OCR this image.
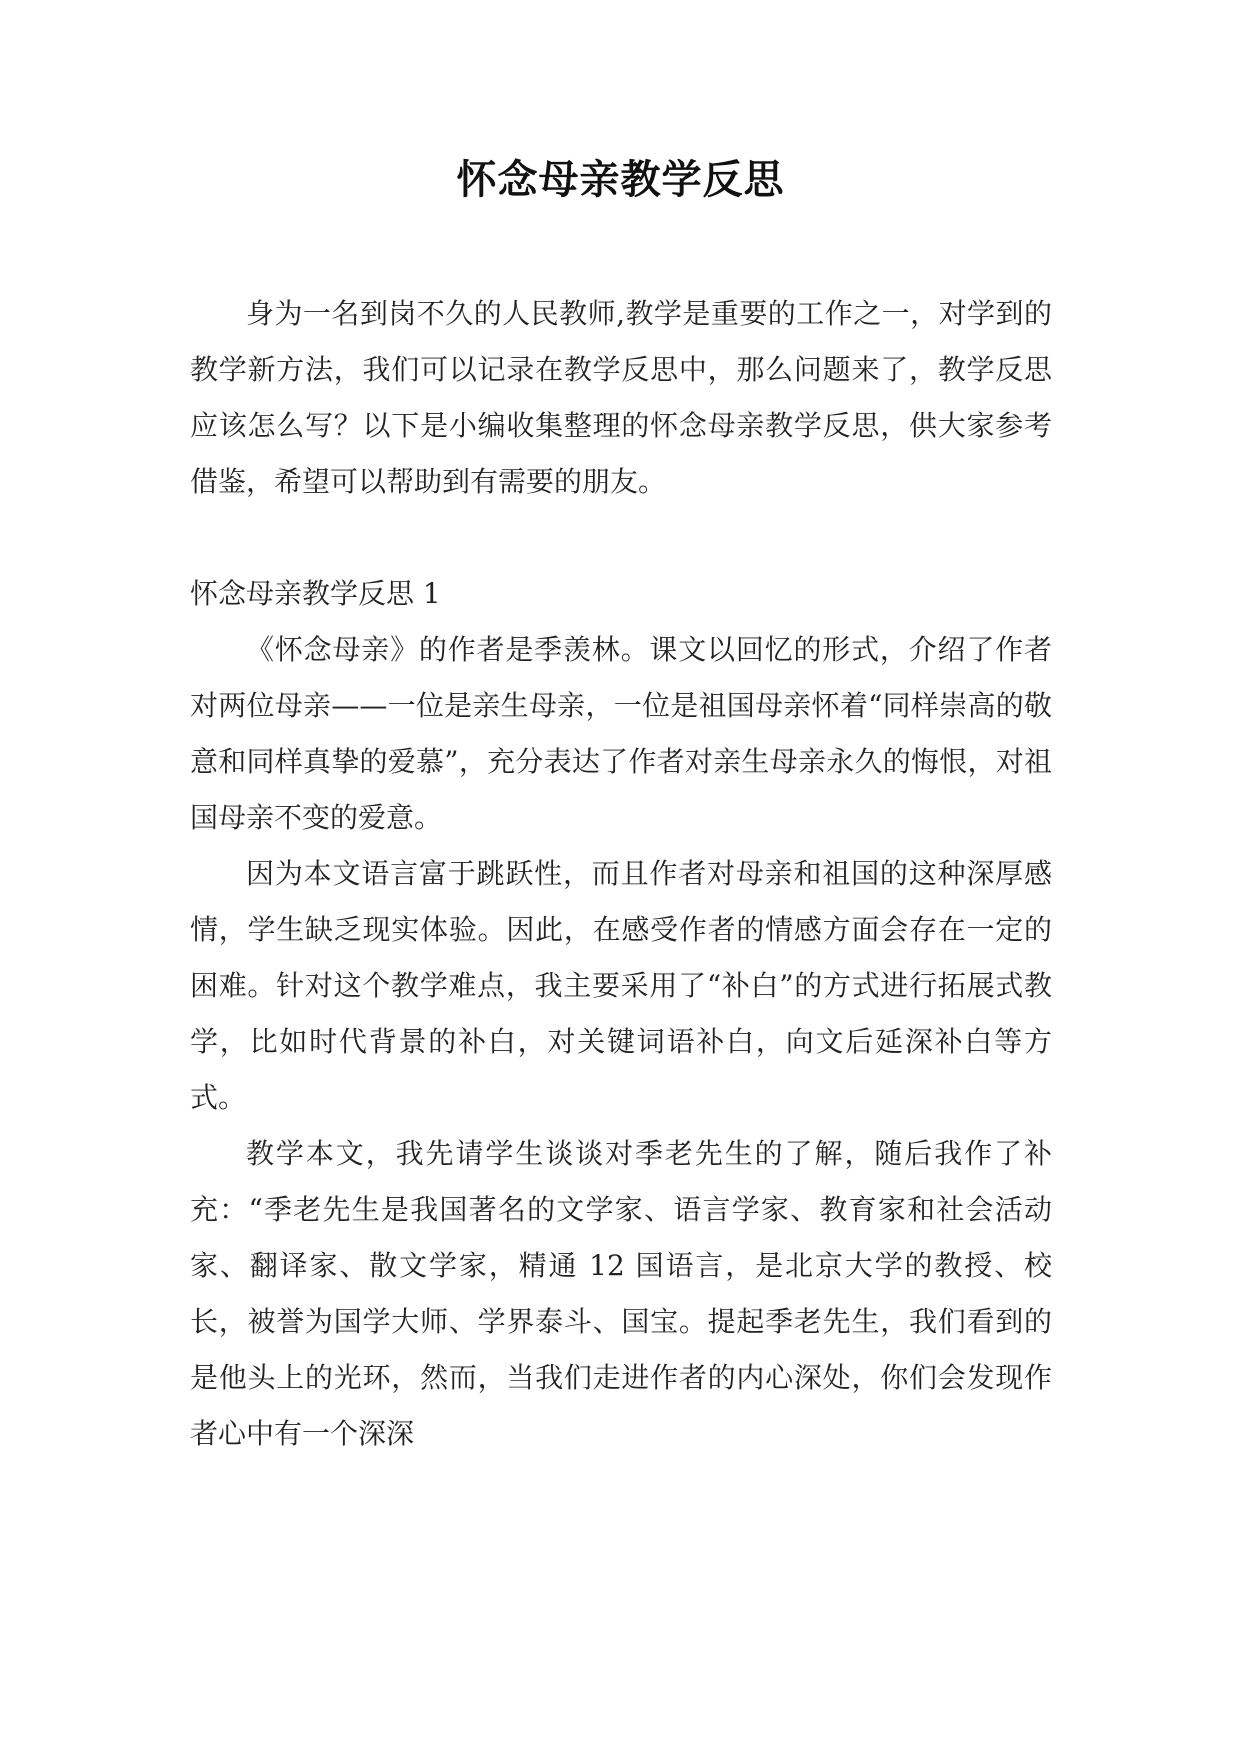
怀念母亲教学反思

身为一名到岗不久的人民教师,教学是重要的工作之一，对学到的教学新方法，我们可以记录在教学反思中，那么问题来了，教学反思应该怎么写？以下是小编收集整理的怀念母亲教学反思，供大家参考借鉴，希望可以帮助到有需要的朋友。

怀念母亲教学反思 1

《怀念母亲》的作者是季羡林。课文以回忆的形式，介绍了作者对两位母亲——一位是亲生母亲，一位是祖国母亲怀着“同样崇高的敬意和同样真挚的爱慕”，充分表达了作者对亲生母亲永久的悔恨，对祖国母亲不变的爱意。

因为本文语言富于跳跃性，而且作者对母亲和祖国的这种深厚感情，学生缺乏现实体验。因此，在感受作者的情感方面会存在一定的困难。针对这个教学难点，我主要采用了“补白”的方式进行拓展式教学，比如时代背景的补白，对关键词语补白，向文后延深补白等方式。

教学本文，我先请学生谈谈对季老先生的了解，随后我作了补充：“季老先生是我国著名的文学家、语言学家、教育家和社会活动家、翻译家、散文学家，精通 12 国语言，是北京大学的教授、校长，被誉为国学大师、学界泰斗、国宝。提起季老先生，我们看到的是他头上的光环，然而，当我们走进作者的内心深处，你们会发现作者心中有一个深深
